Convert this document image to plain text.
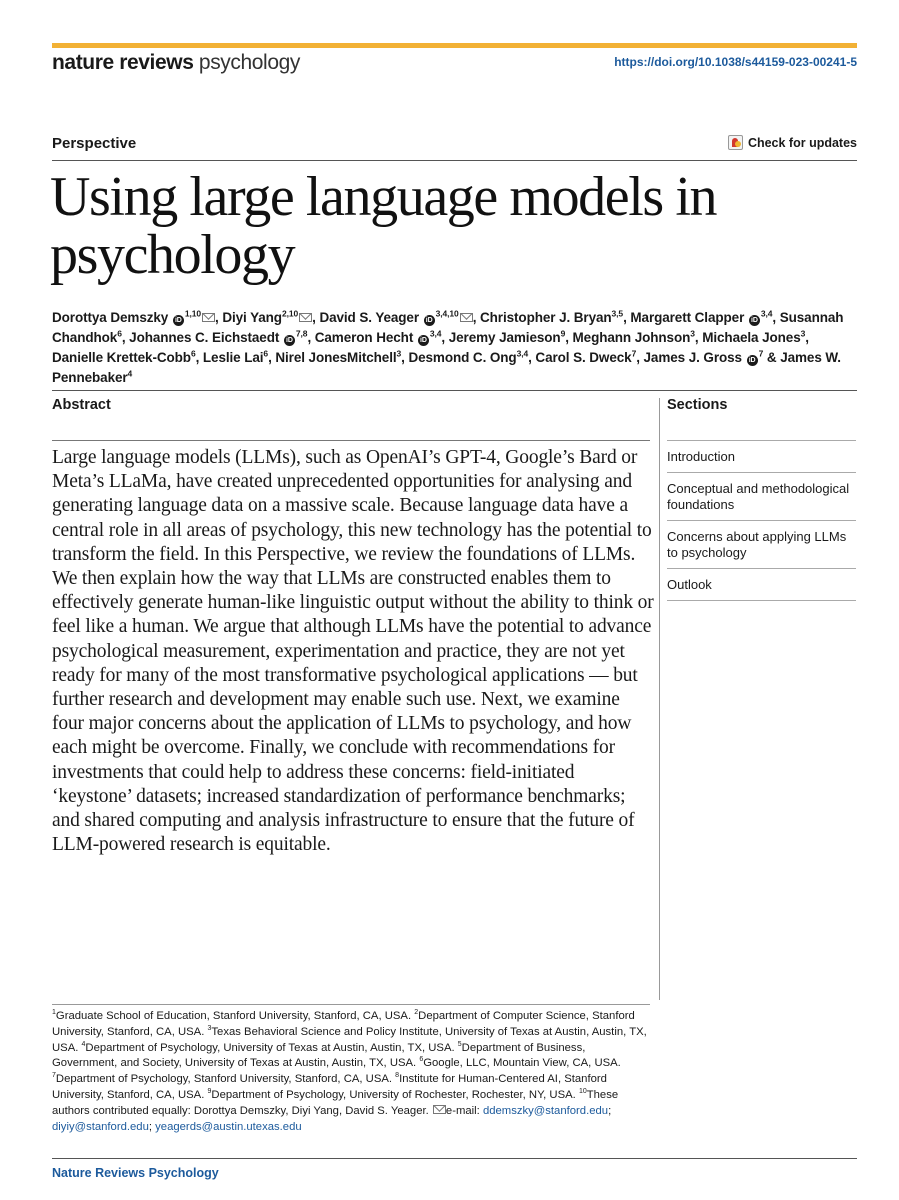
nature reviews psychology	https://doi.org/10.1038/s44159-023-00241-5
Perspective	Check for updates
Using large language models in psychology
Dorottya Demszky iD$^{1,10}$ , Diyi Yang$^{2,10}$ , David S. Yeager iD$^{3,4,10}$ , Christopher J. Bryan$^{3,5}$, Margarett Clapper iD$^{3,4}$, Susannah Chandhok$^6$, Johannes C. Eichstaedt iD$^{7,8}$, Cameron Hecht iD$^{3,4}$, Jeremy Jamieson$^9$, Meghann Johnson$^3$, Michaela Jones$^3$, Danielle Krettek-Cobb$^6$, Leslie Lai$^6$, Nirel JonesMitchell$^3$, Desmond C. Ong$^{3,4}$, Carol S. Dweck$^7$, James J. Gross $iD^7$ & James W. Pennebaker$^4$
Abstract
Large language models (LLMs), such as OpenAI’s GPT-4, Google’s Bard or Meta’s LLaMa, have created unprecedented opportunities for analysing and generating language data on a massive scale. Because language data have a central role in all areas of psychology, this new technology has the potential to transform the field. In this Perspective, we review the foundations of LLMs. We then explain how the way that LLMs are constructed enables them to effectively generate human-like linguistic output without the ability to think or feel like a human. We argue that although LLMs have the potential to advance psychological measurement, experimentation and practice, they are not yet ready for many of the most transformative psychological applications — but further research and development may enable such use. Next, we examine four major concerns about the application of LLMs to psychology, and how each might be overcome. Finally, we conclude with recommendations for investments that could help to address these concerns: field-initiated ‘keystone’ datasets; increased standardization of performance benchmarks; and shared computing and analysis infrastructure to ensure that the future of LLM-powered research is equitable.
Sections
Introduction
Conceptual and methodological foundations
Concerns about applying LLMs to psychology
Outlook
$^1$Graduate School of Education, Stanford University, Stanford, CA, USA. $^2$Department of Computer Science, Stanford University, Stanford, CA, USA. $^3$Texas Behavioral Science and Policy Institute, University of Texas at Austin, Austin, TX, USA. $^4$Department of Psychology, University of Texas at Austin, Austin, TX, USA. $^5$Department of Business, Government, and Society, University of Texas at Austin, Austin, TX, USA. $^6$Google, LLC, Mountain View, CA, USA. $^7$Department of Psychology, Stanford University, Stanford, CA, USA. $^8$Institute for Human-Centered AI, Stanford University, Stanford, CA, USA. $^9$Department of Psychology, University of Rochester, Rochester, NY, USA. $^{10}$These authors contributed equally: Dorottya Demszky, Diyi Yang, David S. Yeager. e-mail: ddemszky@stanford.edu; diyiy@stanford.edu; yeagerds@austin.utexas.edu
Nature Reviews Psychology
